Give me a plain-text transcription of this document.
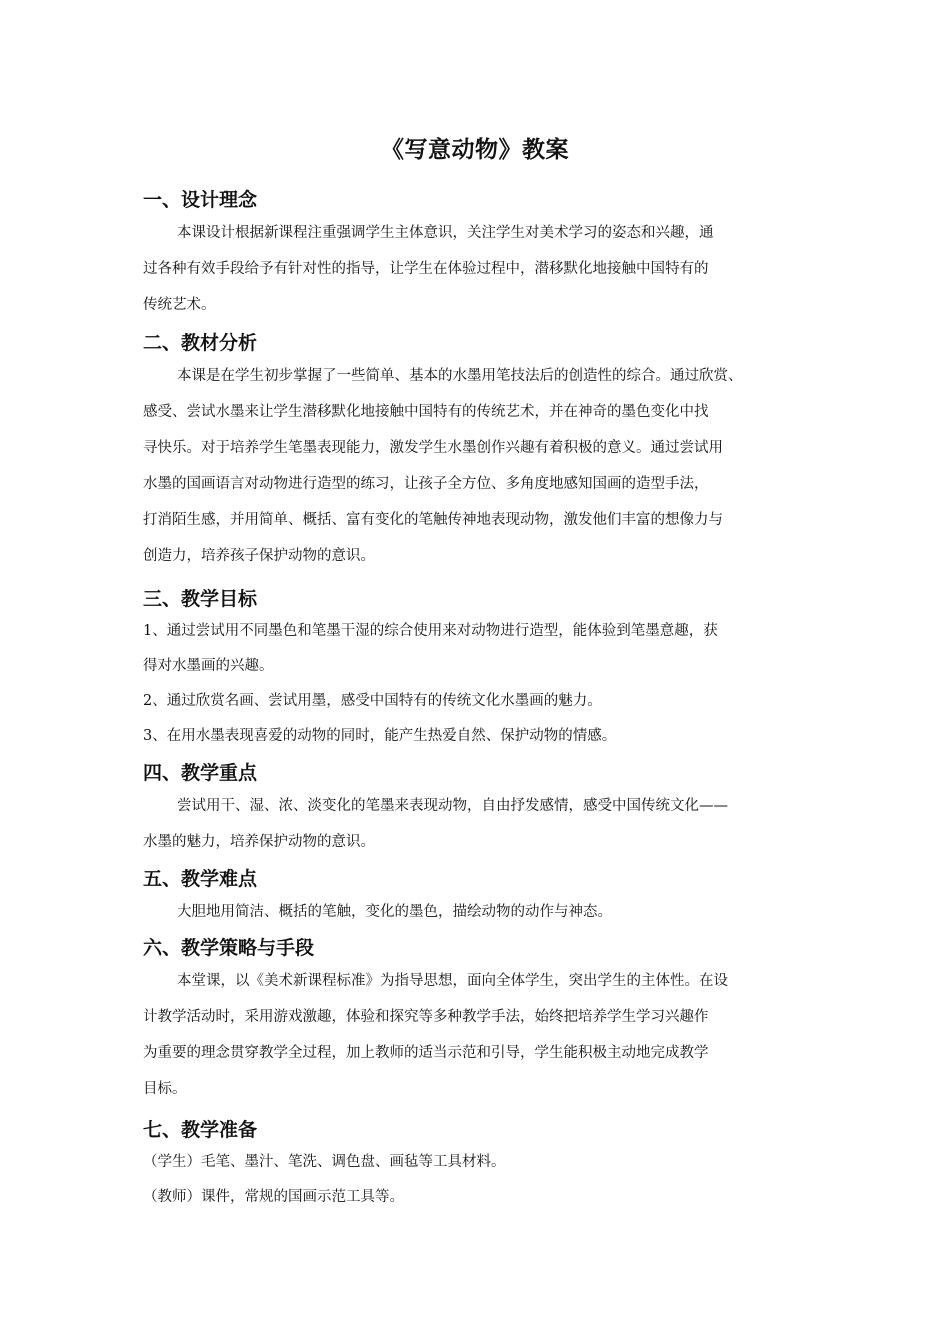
《写意动物》教案
一、设计理念
本课设计根据新课程注重强调学生主体意识，关注学生对美术学习的姿态和兴趣，通
过各种有效手段给予有针对性的指导，让学生在体验过程中，潜移默化地接触中国特有的
传统艺术。
二、教材分析
本课是在学生初步掌握了一些简单、基本的水墨用笔技法后的创造性的综合。通过欣赏、
感受、尝试水墨来让学生潜移默化地接触中国特有的传统艺术，并在神奇的墨色变化中找
寻快乐。对于培养学生笔墨表现能力，激发学生水墨创作兴趣有着积极的意义。通过尝试用
水墨的国画语言对动物进行造型的练习，让孩子全方位、多角度地感知国画的造型手法，
打消陌生感，并用简单、概括、富有变化的笔触传神地表现动物，激发他们丰富的想像力与
创造力，培养孩子保护动物的意识。
三、教学目标
1、通过尝试用不同墨色和笔墨干湿的综合使用来对动物进行造型，能体验到笔墨意趣，获
得对水墨画的兴趣。
2、通过欣赏名画、尝试用墨，感受中国特有的传统文化水墨画的魅力。
3、在用水墨表现喜爱的动物的同时，能产生热爱自然、保护动物的情感。
四、教学重点
尝试用干、湿、浓、淡变化的笔墨来表现动物，自由抒发感情，感受中国传统文化——
水墨的魅力，培养保护动物的意识。
五、教学难点
大胆地用简洁、概括的笔触，变化的墨色，描绘动物的动作与神态。
六、教学策略与手段
本堂课，以《美术新课程标准》为指导思想，面向全体学生，突出学生的主体性。在设
计教学活动时，采用游戏激趣，体验和探究等多种教学手法，始终把培养学生学习兴趣作
为重要的理念贯穿教学全过程，加上教师的适当示范和引导，学生能积极主动地完成教学
目标。
七、教学准备
（学生）毛笔、墨汁、笔洗、调色盘、画毡等工具材料。
（教师）课件，常规的国画示范工具等。
